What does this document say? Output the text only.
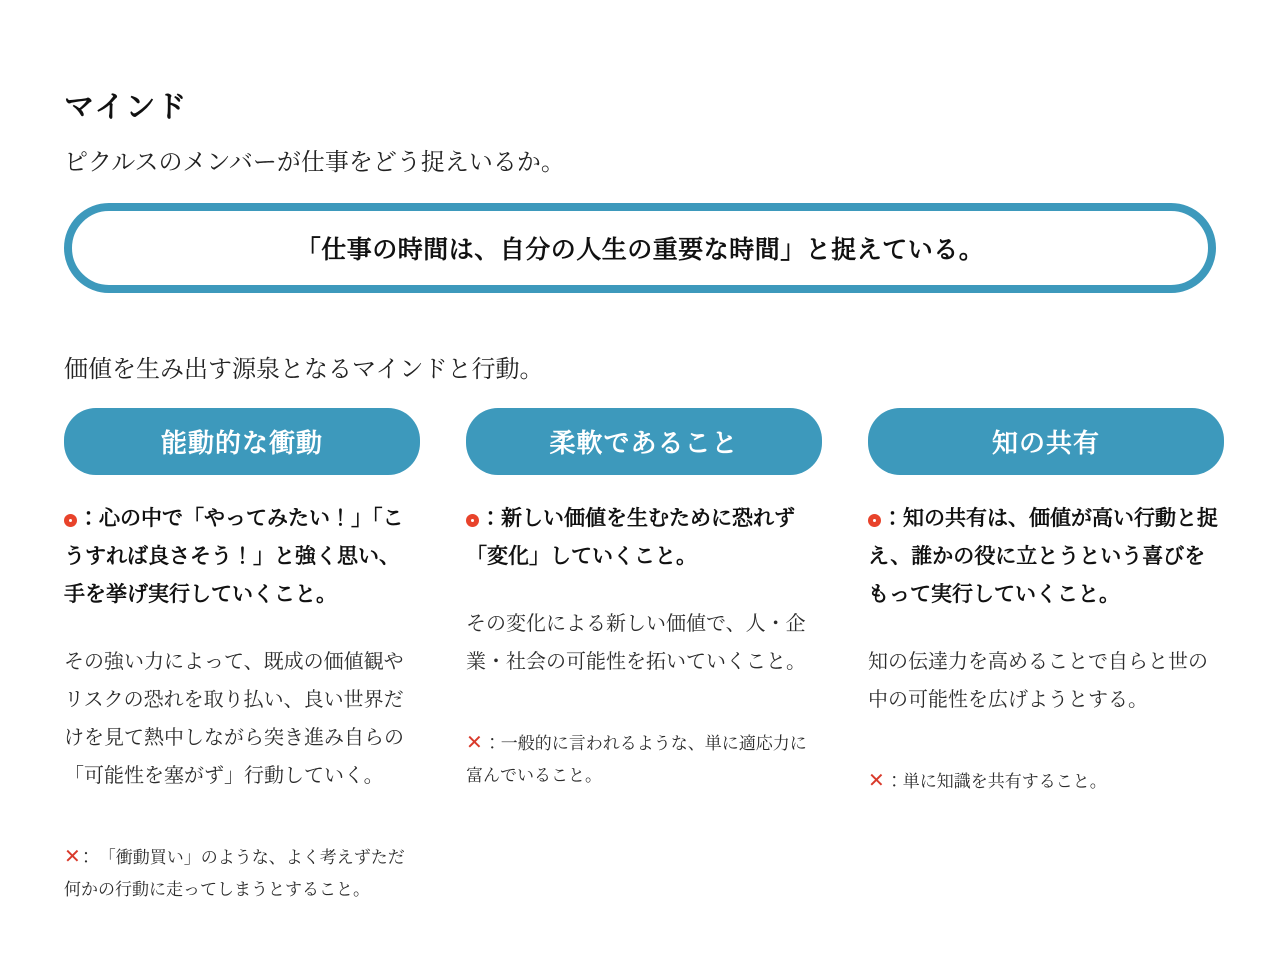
マインド

ピクルスのメンバーが仕事をどう捉えいるか。

「仕事の時間は、自分の人生の重要な時間」と捉えている。

価値を生み出す源泉となるマインドと行動。

能動的な衝動

：心の中で「やってみたい！」「こうすれば良さそう！」と強く思い、手を挙げ実行していくこと。

その強い力によって、既成の価値観やリスクの恐れを取り払い、良い世界だけを見て熱中しながら突き進み自らの「可能性を塞がず」行動していく。

✕：　「衝動買い」のような、よく考えずただ何かの行動に走ってしまうとすること。

柔軟であること

：新しい価値を生むために恐れず「変化」していくこと。

その変化による新しい価値で、人・企業・社会の可能性を拓いていくこと。

✕：一般的に言われるような、単に適応力に富んでいること。

知の共有

：知の共有は、価値が高い行動と捉え、誰かの役に立とうという喜びをもって実行していくこと。

知の伝達力を高めることで自らと世の中の可能性を広げようとする。

✕：単に知識を共有すること。
